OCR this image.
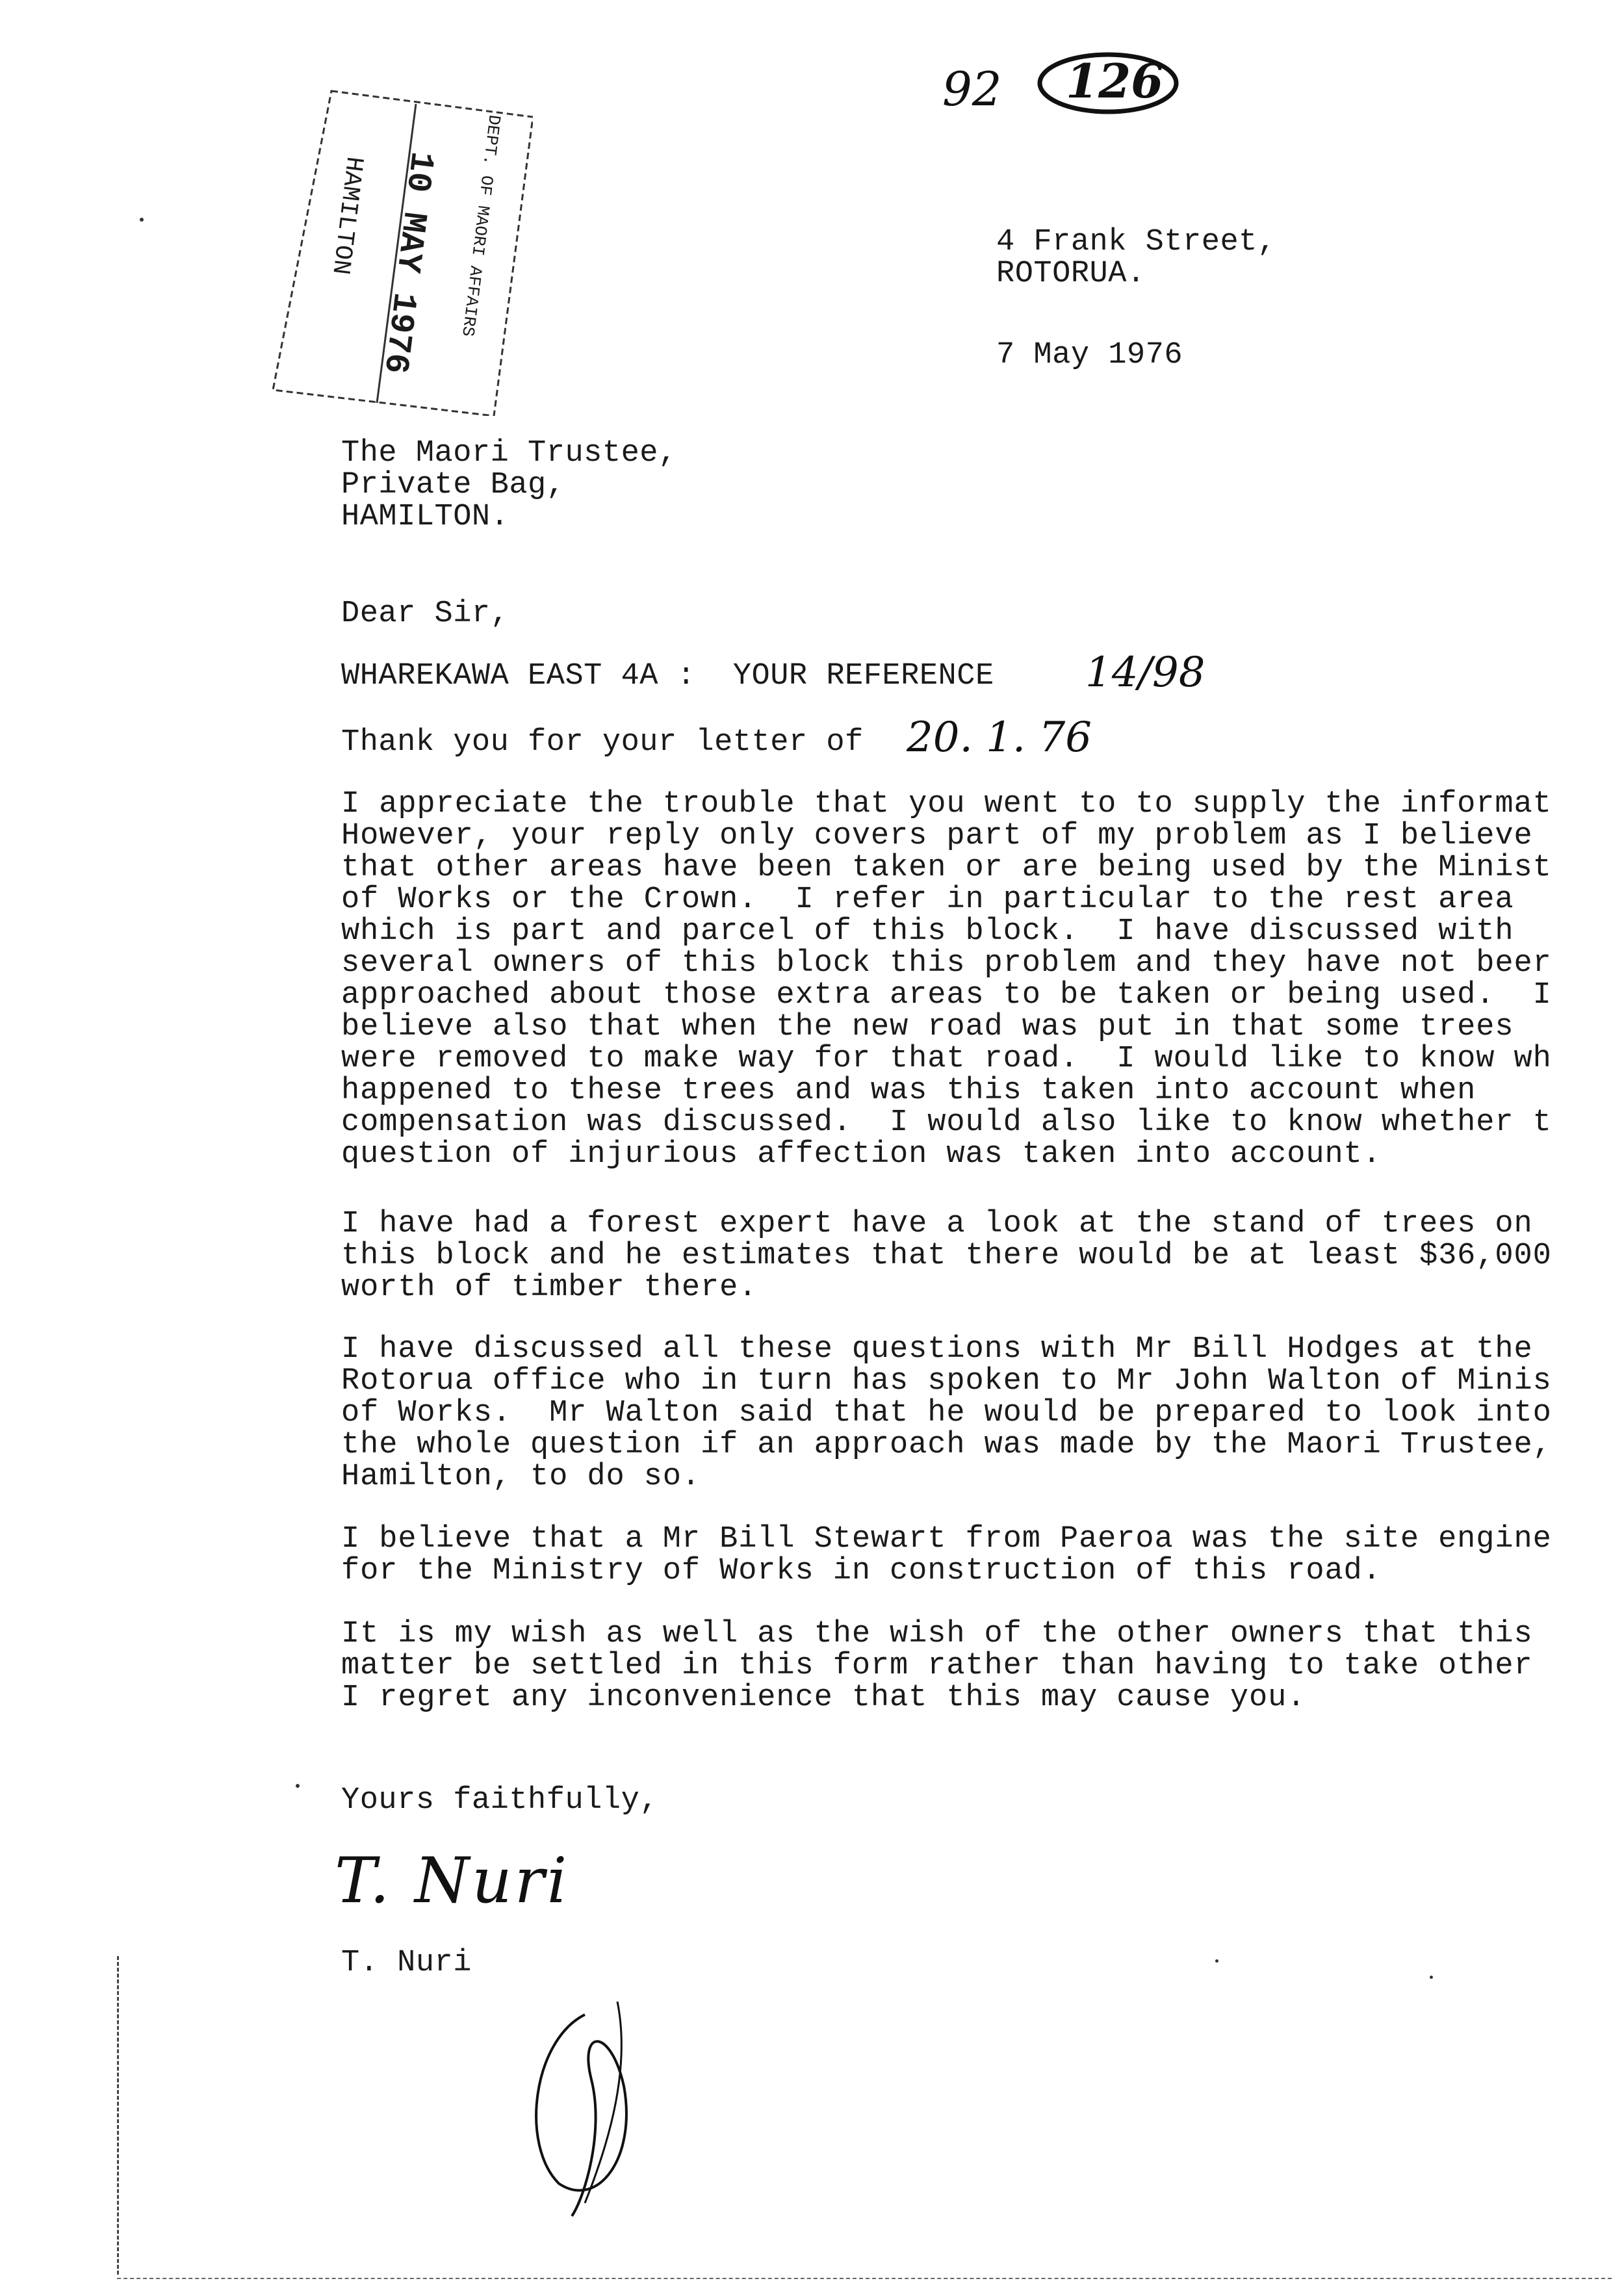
92 126
DEPT. OF MAORI AFFAIRS
10 MAY 1976
HAMILTON	4 Frank Street,
ROTORUA.
7 May 1976
The Maori Trustee,
Private Bag,
HAMILTON.
Dear Sir,
WHAREKAWA EAST 4A :  YOUR REFERENCE 14/98
Thank you for your letter of 20. 1. 76
I appreciate the trouble that you went to to supply the informat
However, your reply only covers part of my problem as I believe
that other areas have been taken or are being used by the Minist
of Works or the Crown.  I refer in particular to the rest area
which is part and parcel of this block.  I have discussed with
several owners of this block this problem and they have not beer
approached about those extra areas to be taken or being used.  I
believe also that when the new road was put in that some trees
were removed to make way for that road.  I would like to know wh
happened to these trees and was this taken into account when
compensation was discussed.  I would also like to know whether t
question of injurious affection was taken into account.
I have had a forest expert have a look at the stand of trees on
this block and he estimates that there would be at least $36,000
worth of timber there.
I have discussed all these questions with Mr Bill Hodges at the
Rotorua office who in turn has spoken to Mr John Walton of Minis
of Works.  Mr Walton said that he would be prepared to look into
the whole question if an approach was made by the Maori Trustee,
Hamilton, to do so.
I believe that a Mr Bill Stewart from Paeroa was the site engine
for the Ministry of Works in construction of this road.
It is my wish as well as the wish of the other owners that this
matter be settled in this form rather than having to take other
I regret any inconvenience that this may cause you.
Yours faithfully,
T. Nuri
T. Nuri
